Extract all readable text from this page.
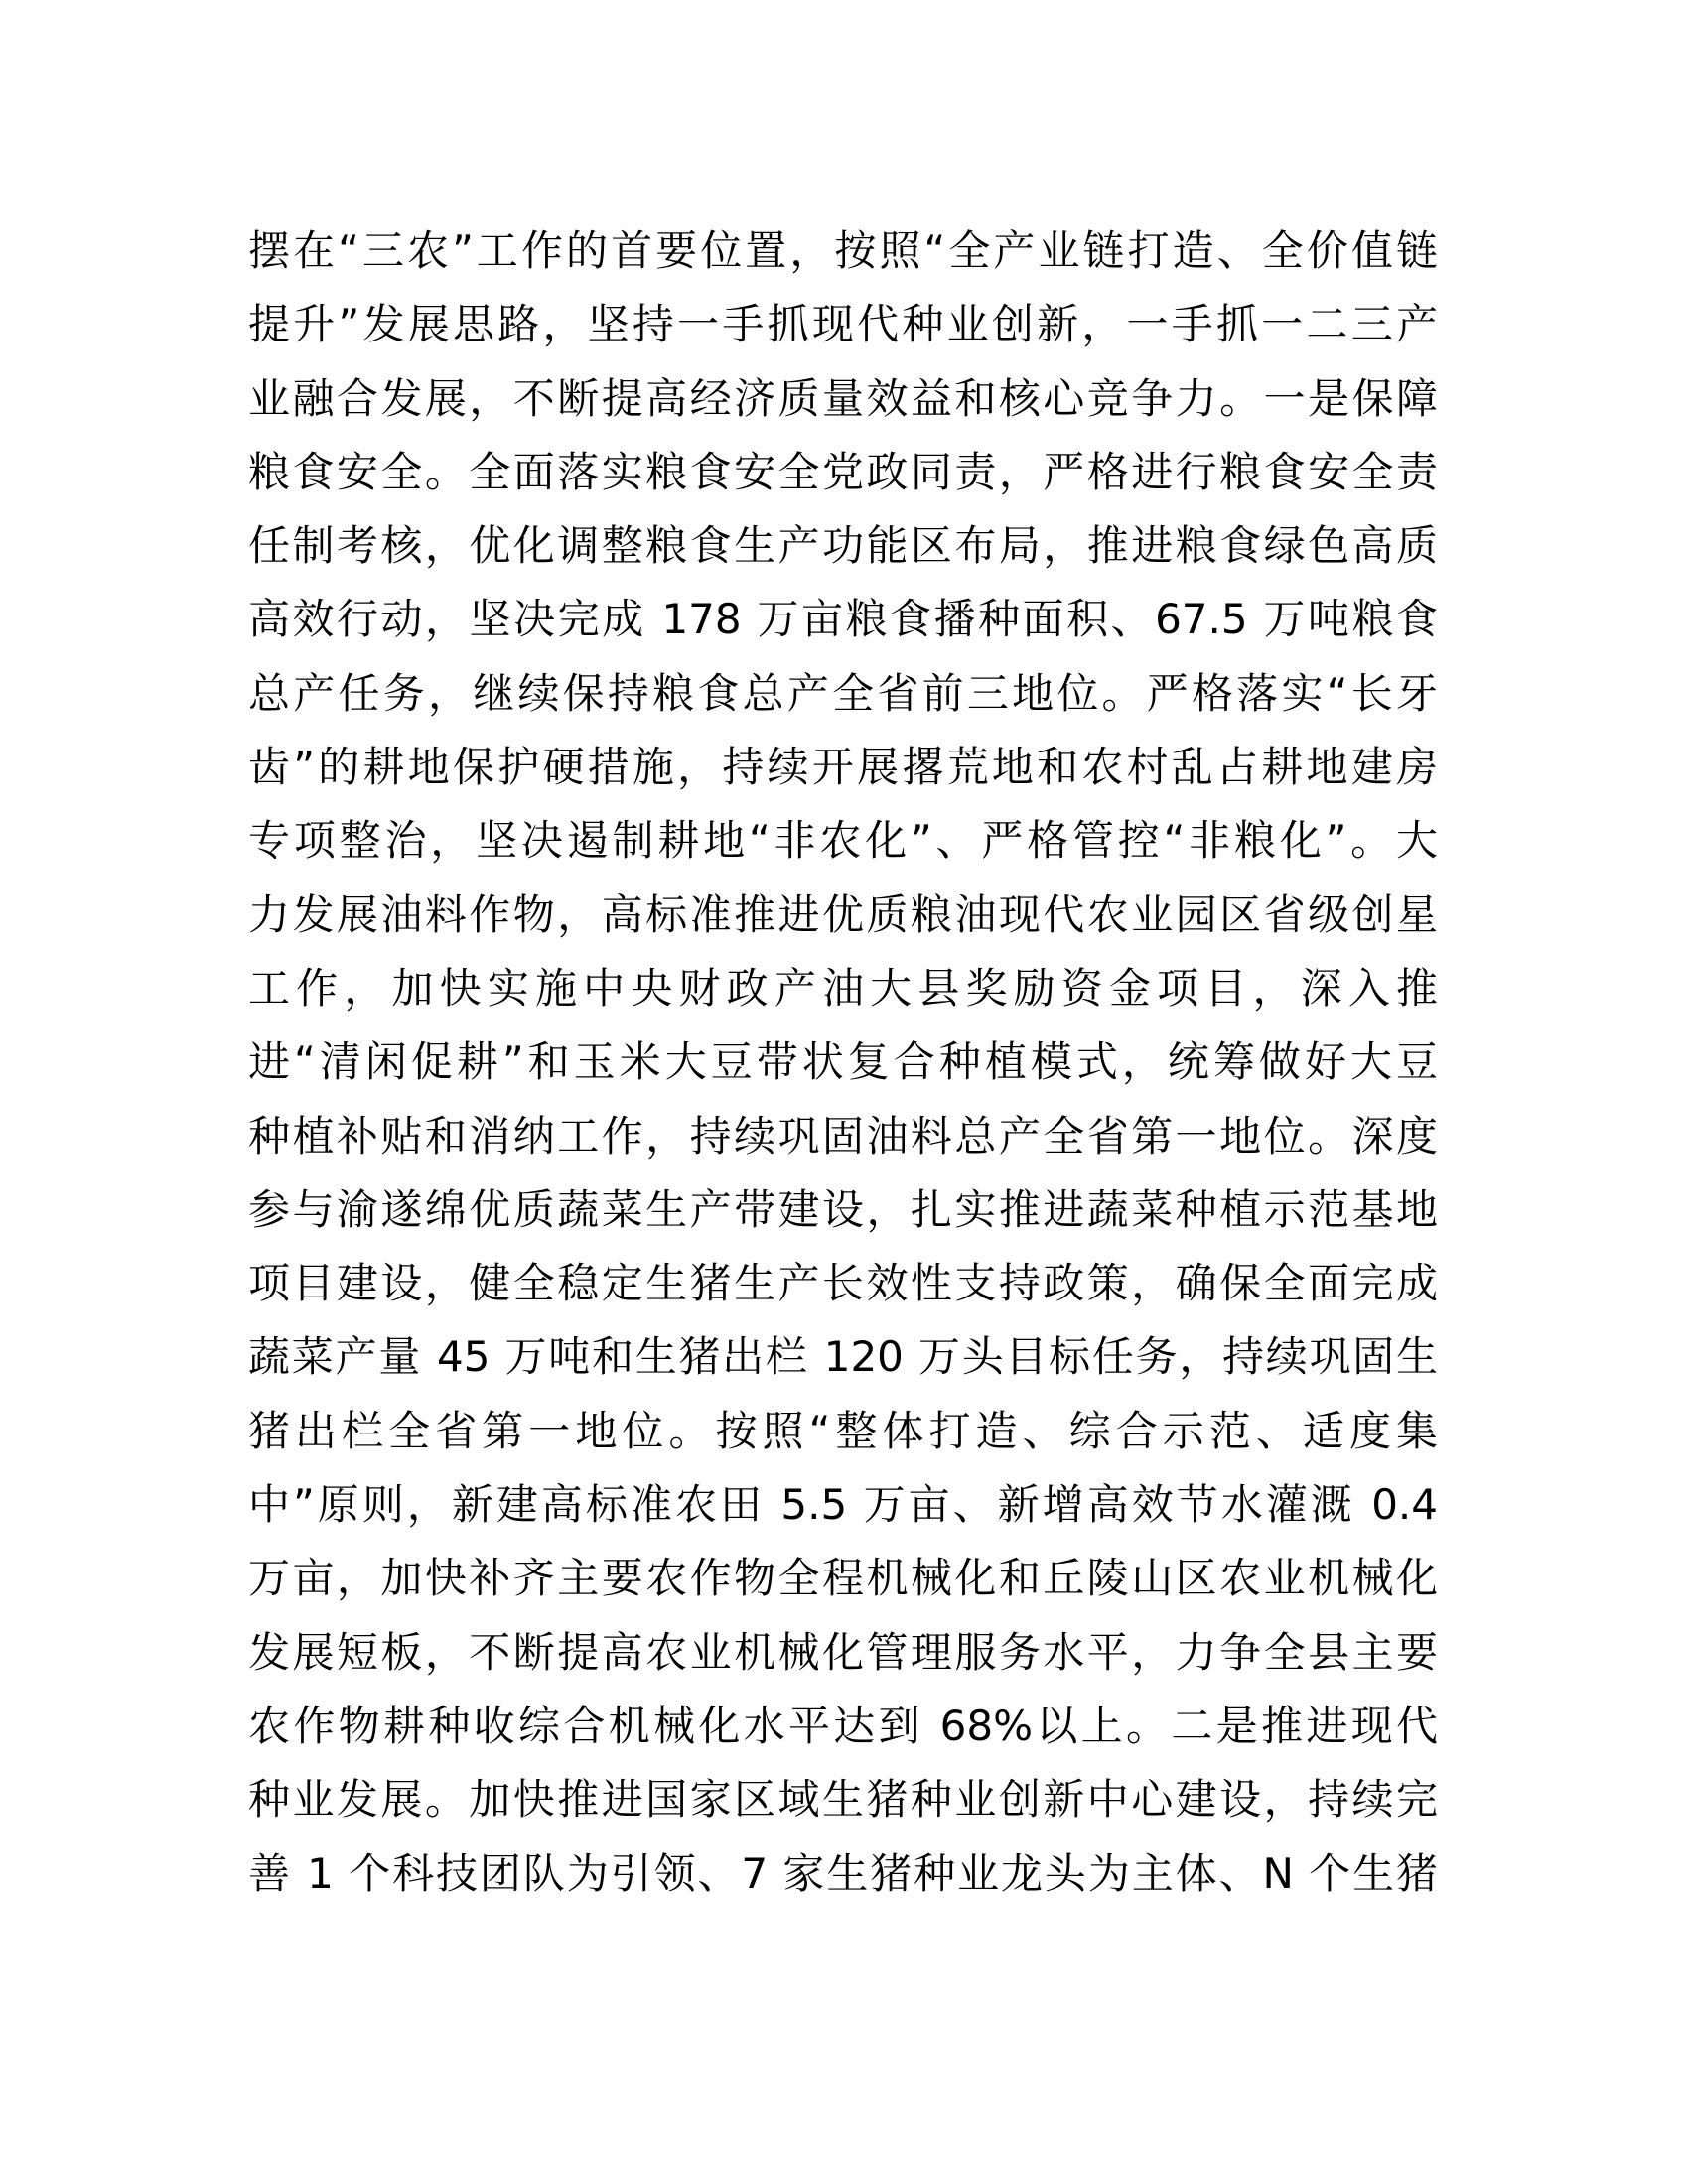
摆在“三农”工作的首要位置，按照“全产业链打造、全价值链
提升”发展思路，坚持一手抓现代种业创新，一手抓一二三产
业融合发展，不断提高经济质量效益和核心竞争力。一是保障
粮食安全。全面落实粮食安全党政同责，严格进行粮食安全责
任制考核，优化调整粮食生产功能区布局，推进粮食绿色高质
高效行动，坚决完成 178 万亩粮食播种面积、67.5 万吨粮食
总产任务，继续保持粮食总产全省前三地位。严格落实“长牙
齿”的耕地保护硬措施，持续开展撂荒地和农村乱占耕地建房
专项整治，坚决遏制耕地“非农化”、严格管控“非粮化”。大
力发展油料作物，高标准推进优质粮油现代农业园区省级创星
工作，加快实施中央财政产油大县奖励资金项目，深入推
进“清闲促耕”和玉米大豆带状复合种植模式，统筹做好大豆
种植补贴和消纳工作，持续巩固油料总产全省第一地位。深度
参与渝遂绵优质蔬菜生产带建设，扎实推进蔬菜种植示范基地
项目建设，健全稳定生猪生产长效性支持政策，确保全面完成
蔬菜产量 45 万吨和生猪出栏 120 万头目标任务，持续巩固生
猪出栏全省第一地位。按照“整体打造、综合示范、适度集
中”原则，新建高标准农田 5.5 万亩、新增高效节水灌溉 0.4
万亩，加快补齐主要农作物全程机械化和丘陵山区农业机械化
发展短板，不断提高农业机械化管理服务水平，力争全县主要
农作物耕种收综合机械化水平达到 68%以上。二是推进现代
种业发展。加快推进国家区域生猪种业创新中心建设，持续完
善 1 个科技团队为引领、7 家生猪种业龙头为主体、N 个生猪
